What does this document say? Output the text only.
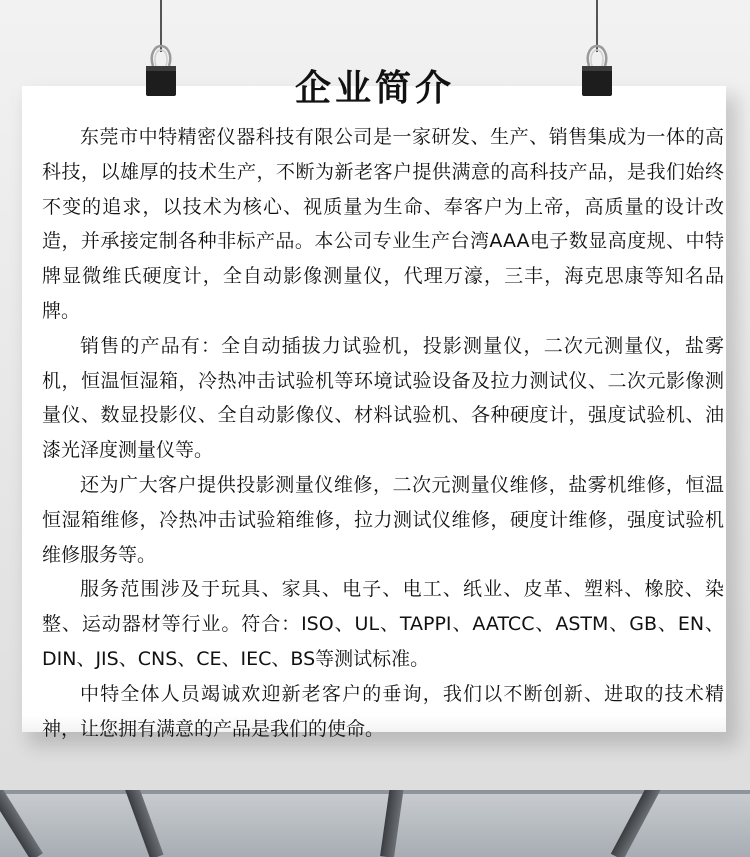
企业简介

东莞市中特精密仪器科技有限公司是一家研发、生产、销售集成为一体的高科技，以雄厚的技术生产，不断为新老客户提供满意的高科技产品，是我们始终不变的追求，以技术为核心、视质量为生命、奉客户为上帝，高质量的设计改造，并承接定制各种非标产品。本公司专业生产台湾AAA电子数显高度规、中特牌显微维氏硬度计，全自动影像测量仪，代理万濠，三丰，海克思康等知名品牌。

销售的产品有：全自动插拔力试验机，投影测量仪，二次元测量仪，盐雾机，恒温恒湿箱，冷热冲击试验机等环境试验设备及拉力测试仪、二次元影像测量仪、数显投影仪、全自动影像仪、材料试验机、各种硬度计，强度试验机、油漆光泽度测量仪等。

还为广大客户提供投影测量仪维修，二次元测量仪维修，盐雾机维修，恒温恒湿箱维修，冷热冲击试验箱维修，拉力测试仪维修，硬度计维修，强度试验机维修服务等。

服务范围涉及于玩具、家具、电子、电工、纸业、皮革、塑料、橡胶、染整、运动器材等行业。符合：ISO、UL、TAPPI、AATCC、ASTM、GB、EN、DIN、JIS、CNS、CE、IEC、BS等测试标准。

中特全体人员竭诚欢迎新老客户的垂询，我们以不断创新、进取的技术精神，让您拥有满意的产品是我们的使命。
